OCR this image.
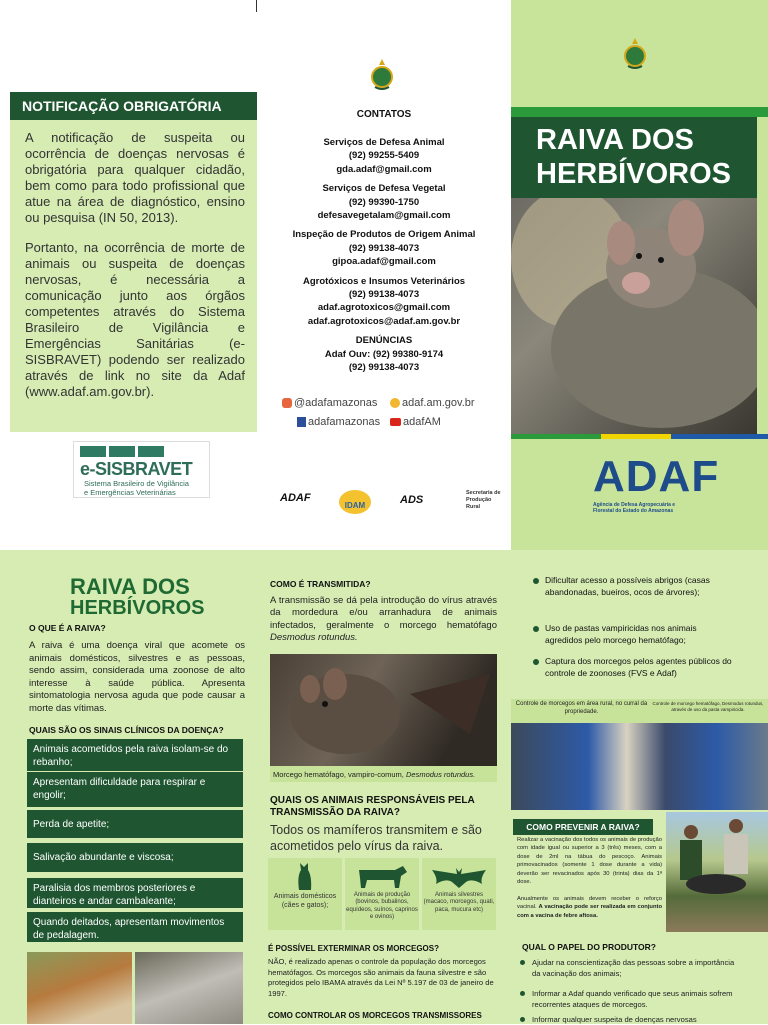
NOTIFICAÇÃO OBRIGATÓRIA

A notificação de suspeita ou ocorrência de doenças nervosas é obrigatória para qualquer cidadão, bem como para todo profissional que atue na área de diagnóstico, ensino ou pesquisa (IN 50, 2013).

Portanto, na ocorrência de morte de animais ou suspeita de doenças nervosas, é necessária a comunicação junto aos órgãos competentes através do Sistema Brasileiro de Vigilância e Emergências Sanitárias (e-SISBRAVET) podendo ser realizado através de link no site da Adaf (www.adaf.am.gov.br).

e-SISBRAVET
Sistema Brasileiro de Vigilância
e Emergências Veterinárias
CONTATOS
Serviços de Defesa Animal
(92) 99255-5409
gda.adaf@gmail.com
Serviços de Defesa Vegetal
(92) 99390-1750
defesavegetalam@gmail.com
Inspeção de Produtos de Origem Animal
(92) 99138-4073
gipoa.adaf@gmail.com
Agrotóxicos e Insumos Veterinários
(92) 99138-4073
adaf.agrotoxicos@gmail.com
adaf.agrotoxicos@adaf.am.gov.br
DENÚNCIAS
Adaf Ouv: (92) 99380-9174
(92) 99138-4073
@adafamazonas adaf.am.gov.br
adafamazonas adafAM
ADAF
IDAM	ADS
Secretaria de Produção Rural
RAIVA DOS
HERBÍVOROS
ADAF
Agência de Defesa Agropecuária e Florestal do Estado do Amazonas
RAIVA DOS
HERBÍVOROS
O QUE É A RAIVA?
A raiva é uma doença viral que acomete os animais domésticos, silvestres e as pessoas, sendo assim, considerada uma zoonose de alto interesse à saúde pública. Apresenta sintomatologia nervosa aguda que pode causar a morte das vítimas.
QUAIS SÃO OS SINAIS CLÍNICOS DA DOENÇA?
Animais acometidos pela raiva isolam-se do rebanho;
Apresentam dificuldade para respirar e engolir;
Perda de apetite;
Salivação abundante e viscosa;
Paralisia dos membros posteriores e dianteiros e andar cambaleante;
Quando deitados, apresentam movimentos de pedalagem.
COMO É TRANSMITIDA?
A transmissão se dá pela introdução do vírus através da mordedura e/ou arranhadura de animais infectados, geralmente o morcego hematófago Desmodus rotundus.
Morcego hematófago, vampiro-comum, Desmodus rotundus.
QUAIS OS ANIMAIS RESPONSÁVEIS PELA TRANSMISSÃO DA RAIVA?
Todos os mamíferos transmitem e são acometidos pelo vírus da raiva.
Animais domésticos (cães e gatos);
Animais de produção (bovinos, bubalinos, equídeos, suínos, caprinos e ovinos)
Animais silvestres (macaco, morcegos, quati, paca, mucura etc)
É POSSÍVEL EXTERMINAR OS MORCEGOS?
NÃO, é realizado apenas o controle da população dos morcegos hematófagos. Os morcegos são animais da fauna silvestre e são protegidos pelo IBAMA através da Lei Nº 5.197 de 03 de janeiro de 1997.
COMO CONTROLAR OS MORCEGOS TRANSMISSORES
Dificultar acesso a possíveis abrigos (casas abandonadas, bueiros, ocos de árvores);
Uso de pastas vampiricidas nos animais agredidos pelo morcego hematófago;
Captura dos morcegos pelos agentes públicos do controle de zoonoses (FVS e Adaf)
Controle de morcegos em área rural, no curral da propriedade.
Controle de morcego hematófago, Desmodus rotundus, através de uso da pasta vampiricida.
COMO PREVENIR A RAIVA?
Realizar a vacinação dos todos os animais de produção com idade igual ou superior a 3 (três) meses, com a dose de 2ml na tábua do pescoço. Animais primovacinados (somente 1 dose durante a vida) deverão ser revacinados após 30 (trinta) dias da 1ª dose.
Anualmente os animais devem receber o reforço vacinal. A vacinação pode ser realizada em conjunto com a vacina de febre aftosa.
QUAL O PAPEL DO PRODUTOR?
Ajudar na conscientização das pessoas sobre a importância da vacinação dos animais;
Informar a Adaf quando verificado que seus animais sofrem recorrentes ataques de morcegos.
Informar qualquer suspeita de doenças nervosas
